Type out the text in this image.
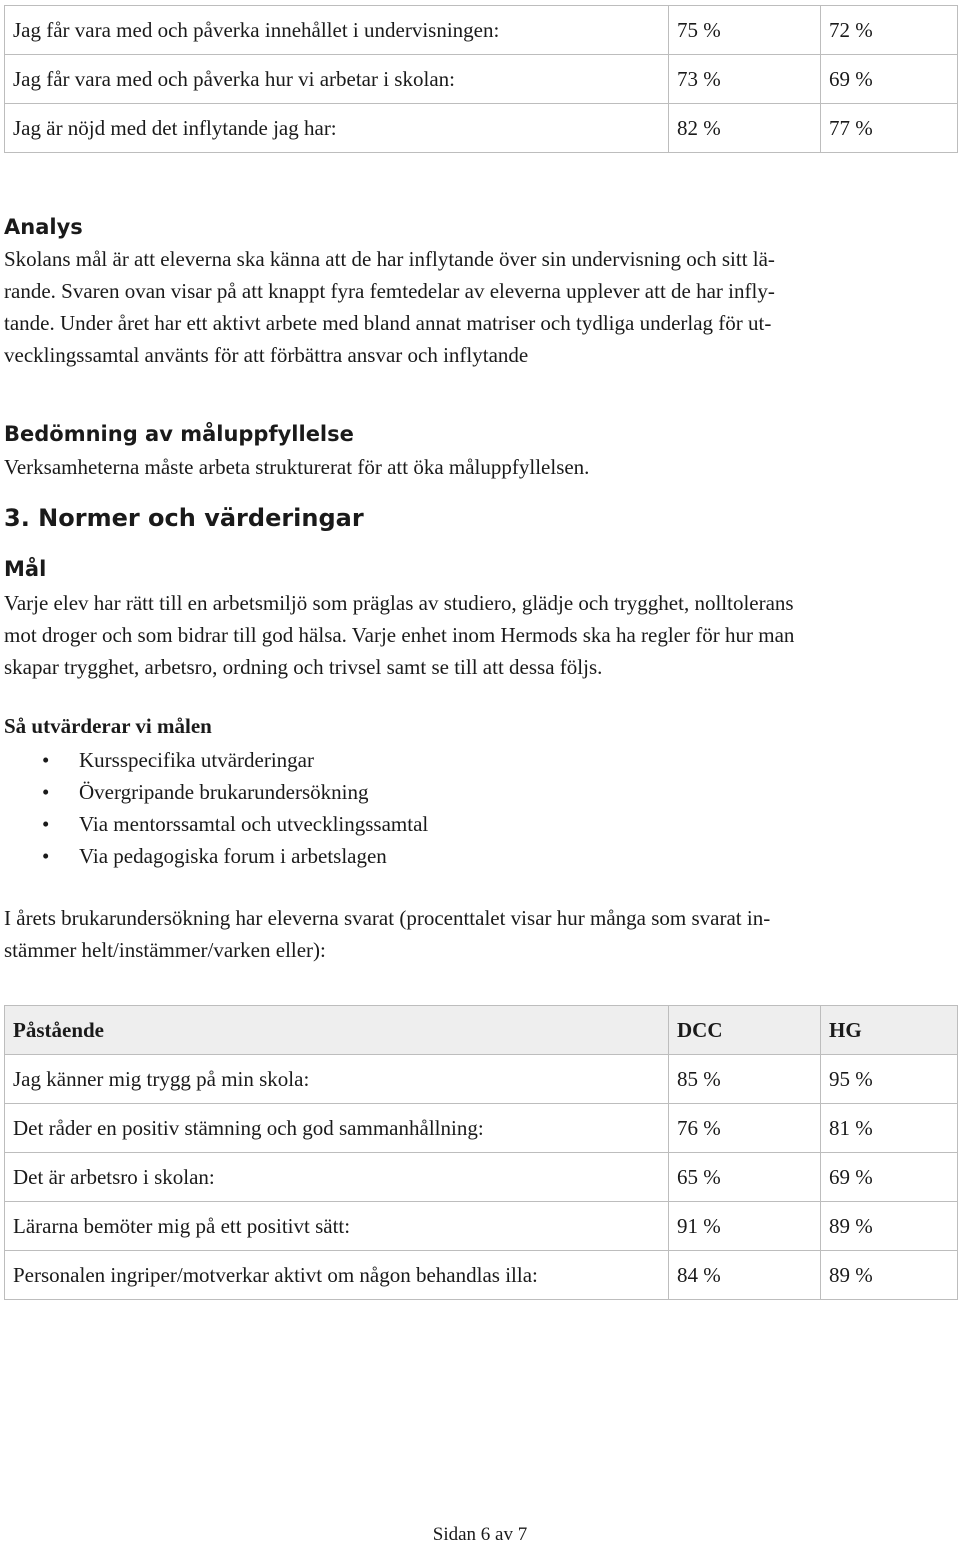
Jag får vara med och påverka innehållet i undervisningen:	75 %	72 %
Jag får vara med och påverka hur vi arbetar i skolan:	73 %	69 %
Jag är nöjd med det inflytande jag har:	82 %	77 %
Analys
Skolans mål är att eleverna ska känna att de har inflytande över sin undervisning och sitt lä-
rande. Svaren ovan visar på att knappt fyra femtedelar av eleverna upplever att de har infly-
tande. Under året har ett aktivt arbete med bland annat matriser och tydliga underlag för ut-
vecklingssamtal använts för att förbättra ansvar och inflytande
Bedömning av måluppfyllelse
Verksamheterna måste arbeta strukturerat för att öka måluppfyllelsen.
3. Normer och värderingar
Mål
Varje elev har rätt till en arbetsmiljö som präglas av studiero, glädje och trygghet, nolltolerans
mot droger och som bidrar till god hälsa. Varje enhet inom Hermods ska ha regler för hur man
skapar trygghet, arbetsro, ordning och trivsel samt se till att dessa följs.
Så utvärderar vi målen
• Kursspecifika utvärderingar
• Övergripande brukarundersökning
• Via mentorssamtal och utvecklingssamtal
• Via pedagogiska forum i arbetslagen
I årets brukarundersökning har eleverna svarat (procenttalet visar hur många som svarat in-
stämmer helt/instämmer/varken eller):
Påstående	DCC	HG
Jag känner mig trygg på min skola:	85 %	95 %
Det råder en positiv stämning och god sammanhållning:	76 %	81 %
Det är arbetsro i skolan:	65 %	69 %
Lärarna bemöter mig på ett positivt sätt:	91 %	89 %
Personalen ingriper/motverkar aktivt om någon behandlas illa:	84 %	89 %
Sidan 6 av 7
